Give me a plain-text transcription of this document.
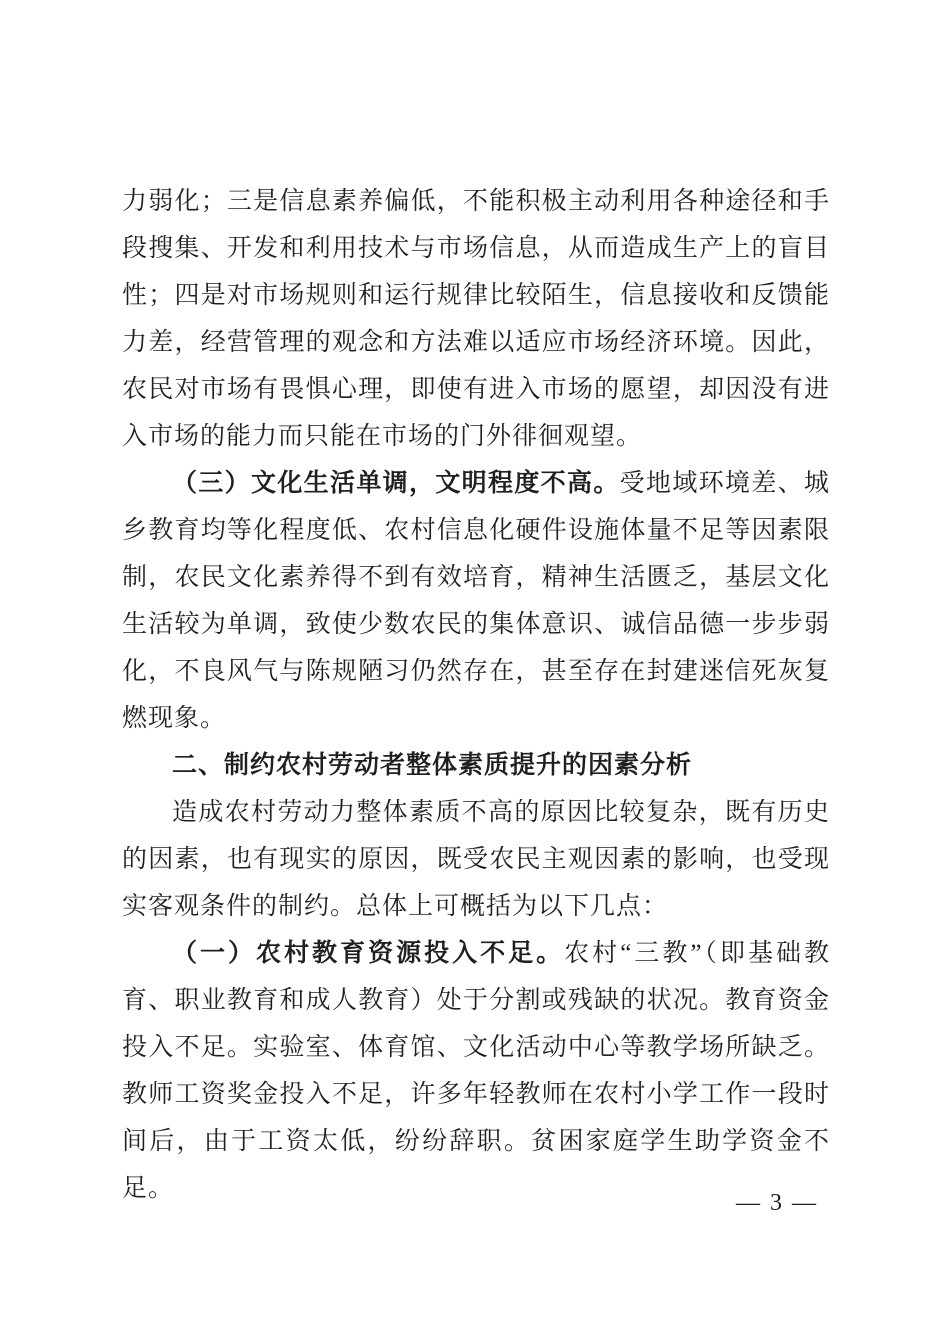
力弱化；三是信息素养偏低，不能积极主动利用各种途径和手段搜集、开发和利用技术与市场信息，从而造成生产上的盲目性；四是对市场规则和运行规律比较陌生，信息接收和反馈能力差，经营管理的观念和方法难以适应市场经济环境。因此，农民对市场有畏惧心理，即使有进入市场的愿望，却因没有进入市场的能力而只能在市场的门外徘徊观望。

（三）文化生活单调，文明程度不高。受地域环境差、城乡教育均等化程度低、农村信息化硬件设施体量不足等因素限制，农民文化素养得不到有效培育，精神生活匮乏，基层文化生活较为单调，致使少数农民的集体意识、诚信品德一步步弱化，不良风气与陈规陋习仍然存在，甚至存在封建迷信死灰复燃现象。

二、制约农村劳动者整体素质提升的因素分析

造成农村劳动力整体素质不高的原因比较复杂，既有历史的因素，也有现实的原因，既受农民主观因素的影响，也受现实客观条件的制约。总体上可概括为以下几点：

（一）农村教育资源投入不足。农村“三教”（即基础教育、职业教育和成人教育）处于分割或残缺的状况。教育资金投入不足。实验室、体育馆、文化活动中心等教学场所缺乏。教师工资奖金投入不足，许多年轻教师在农村小学工作一段时间后，由于工资太低，纷纷辞职。贫困家庭学生助学资金不足。

— 3 —
